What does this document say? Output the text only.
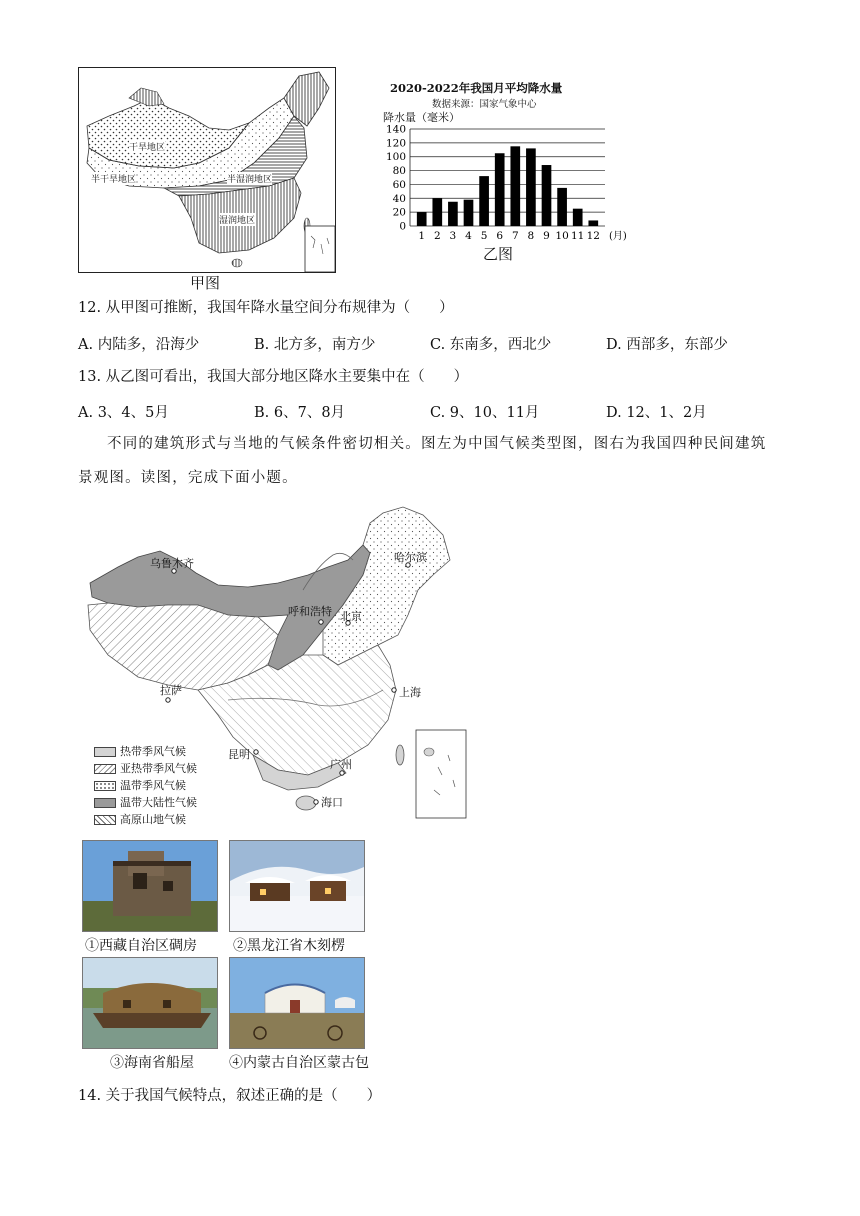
干旱地区
半干旱地区	半湿润地区
湿润地区
甲图
2020-2022年我国月平均降水量
数据来源：国家气象中心
降水量（毫米）
0
20
40
60
80
100
120
140
1 2 3 4 5 6 7 8 9 10 11 12 (月)
乙图
12. 从甲图可推断，我国年降水量空间分布规律为（　　）
A. 内陆多，沿海少	B. 北方多，南方少	C. 东南多，西北少	D. 西部多，东部少
13. 从乙图可看出，我国大部分地区降水主要集中在（　　）
A. 3、4、5月	B. 6、7、8月	C. 9、10、11月	D. 12、1、2月
不同的建筑形式与当地的气候条件密切相关。图左为中国气候类型图，图右为我国四种民间建筑景观图。读图，完成下面小题。
乌鲁木齐	哈尔滨
呼和浩特 北京
拉萨	上海
昆明
广州
海口
热带季风气候
亚热带季风气候
温带季风气候
温带大陆性气候
高原山地气候
①西藏自治区碉房	②黑龙江省木刻楞
③海南省船屋	④内蒙古自治区蒙古包
14. 关于我国气候特点，叙述正确的是（　　）
